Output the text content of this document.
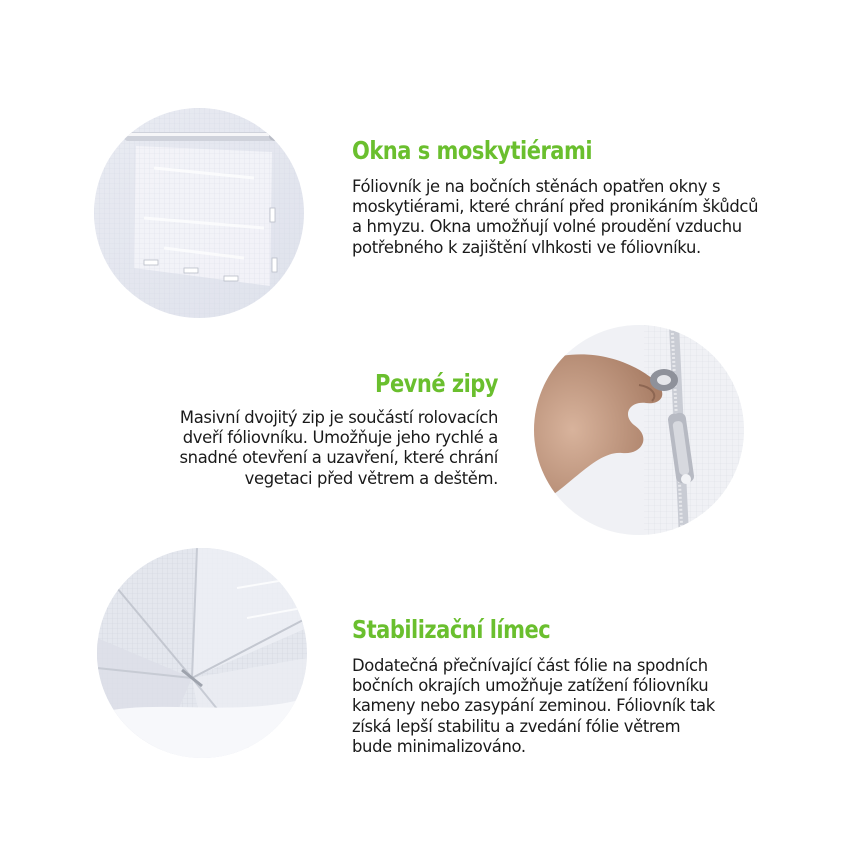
Okna s moskytiérami

Fóliovník je na bočních stěnách opatřen okny s
moskytiérami, které chrání před pronikáním škůdců
a hmyzu. Okna umožňují volné proudění vzduchu
potřebného k zajištění vlhkosti ve fóliovníku.

Pevné zipy

Masivní dvojitý zip je součástí rolovacích
dveří fóliovníku. Umožňuje jeho rychlé a
snadné otevření a uzavření, které chrání
vegetaci před větrem a deštěm.

Stabilizační límec

Dodatečná přečnívající část fólie na spodních
bočních okrajích umožňuje zatížení fóliovníku
kameny nebo zasypání zeminou. Fóliovník tak
získá lepší stabilitu a zvedání fólie větrem
bude minimalizováno.
